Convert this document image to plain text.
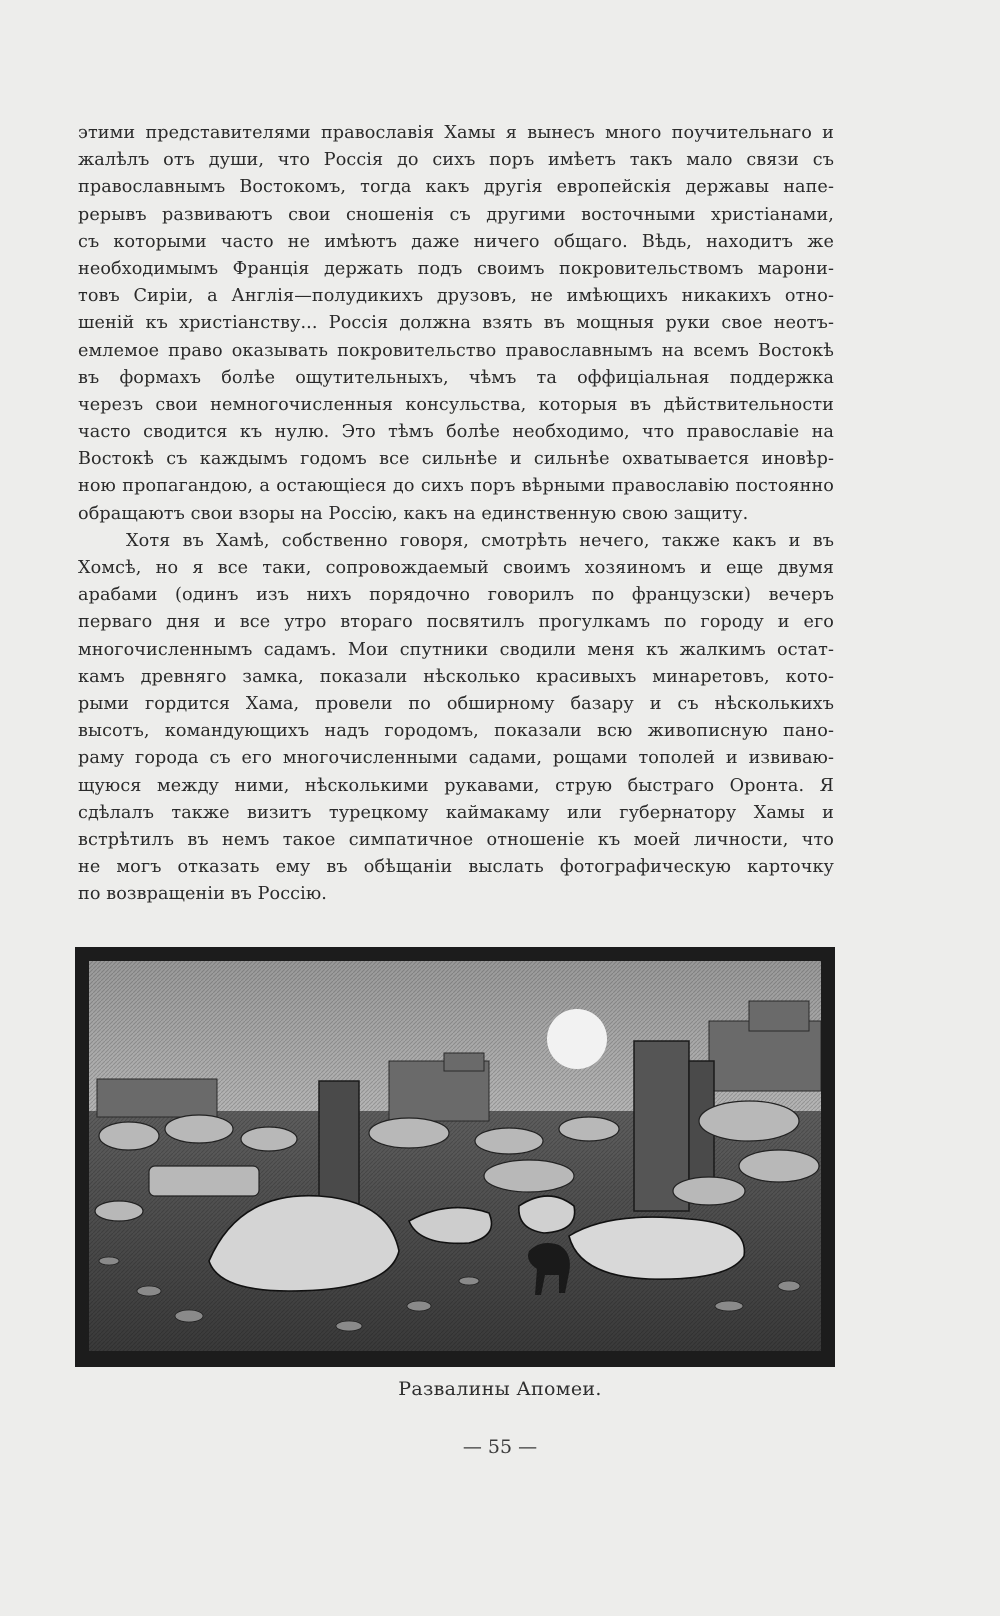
этими представителями православія Хамы я вынесъ много поучительнаго и
жалѣлъ отъ души, что Россія до сихъ поръ имѣетъ такъ мало связи съ
православнымъ Востокомъ, тогда какъ другія европейскія державы напе-
рерывъ развиваютъ свои сношенія съ другими восточными христіанами,
съ которыми часто не имѣютъ даже ничего общаго. Вѣдь, находитъ же
необходимымъ Франція держать подъ своимъ покровительствомъ марони-
товъ Сиріи, а Англія—полудикихъ друзовъ, не имѣющихъ никакихъ отно-
шеній къ христіанству... Россія должна взять въ мощныя руки свое неотъ-
емлемое право оказывать покровительство православнымъ на всемъ Востокѣ
въ формахъ болѣе ощутительныхъ, чѣмъ та оффиціальная поддержка
черезъ свои немногочисленныя консульства, которыя въ дѣйствительности
часто сводится къ нулю. Это тѣмъ болѣе необходимо, что православіе на
Востокѣ съ каждымъ годомъ все сильнѣе и сильнѣе охватывается иновѣр-
ною пропагандою, а остающіеся до сихъ поръ вѣрными православію постоянно
обращаютъ свои взоры на Россію, какъ на единственную свою защиту.
Хотя въ Хамѣ, собственно говоря, смотрѣть нечего, также какъ и въ
Хомсѣ, но я все таки, сопровождаемый своимъ хозяиномъ и еще двумя
арабами (одинъ изъ нихъ порядочно говорилъ по французски) вечеръ
перваго дня и все утро втораго посвятилъ прогулкамъ по городу и его
многочисленнымъ садамъ. Мои спутники сводили меня къ жалкимъ остат-
камъ древняго замка, показали нѣсколько красивыхъ минаретовъ, кото-
рыми гордится Хама, провели по обширному базару и съ нѣсколькихъ
высотъ, командующихъ надъ городомъ, показали всю живописную пано-
раму города съ его многочисленными садами, рощами тополей и извиваю-
щуюся между ними, нѣсколькими рукавами, струю быстраго Оронта. Я
сдѣлалъ также визитъ турецкому каймакаму или губернатору Хамы и
встрѣтилъ въ немъ такое симпатичное отношеніе къ моей личности, что
не могъ отказать ему въ обѣщаніи выслать фотографическую карточку
по возвращеніи въ Россію.
Развалины Апомеи.
— 55 —
